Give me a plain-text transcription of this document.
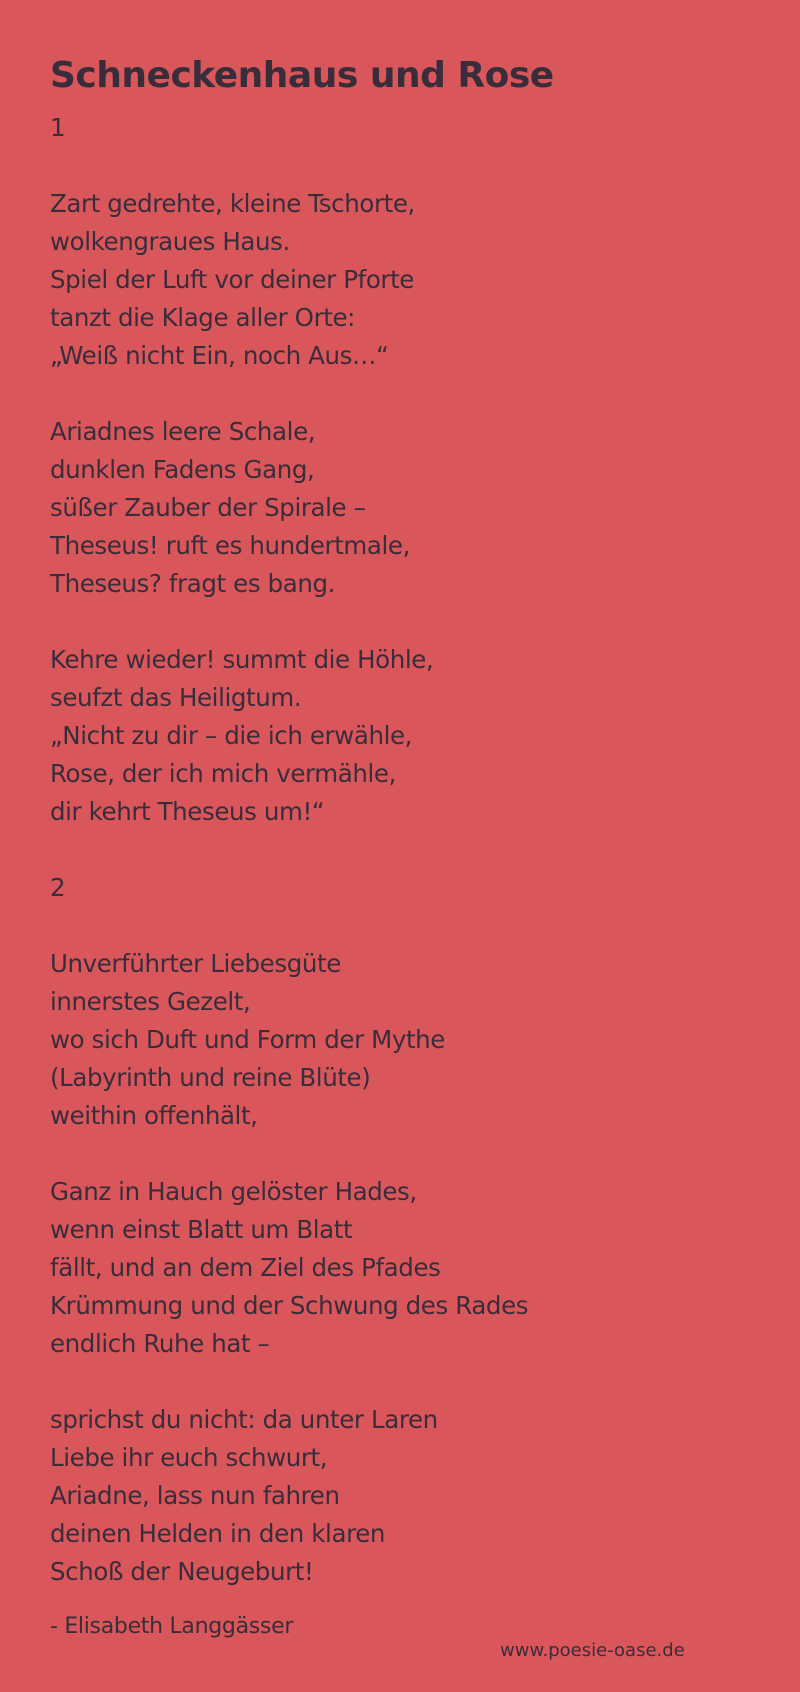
Schneckenhaus und Rose
1
Zart gedrehte, kleine Tschorte,
wolkengraues Haus.
Spiel der Luft vor deiner Pforte
tanzt die Klage aller Orte:
„Weiß nicht Ein, noch Aus…“
Ariadnes leere Schale,
dunklen Fadens Gang,
süßer Zauber der Spirale –
Theseus! ruft es hundertmale,
Theseus? fragt es bang.
Kehre wieder! summt die Höhle,
seufzt das Heiligtum.
„Nicht zu dir – die ich erwähle,
Rose, der ich mich vermähle,
dir kehrt Theseus um!“
2
Unverführter Liebesgüte
innerstes Gezelt,
wo sich Duft und Form der Mythe
(Labyrinth und reine Blüte)
weithin offenhält,
Ganz in Hauch gelöster Hades,
wenn einst Blatt um Blatt
fällt, und an dem Ziel des Pfades
Krümmung und der Schwung des Rades
endlich Ruhe hat –
sprichst du nicht: da unter Laren
Liebe ihr euch schwurt,
Ariadne, lass nun fahren
deinen Helden in den klaren
Schoß der Neugeburt!
- Elisabeth Langgässer
www.poesie-oase.de
